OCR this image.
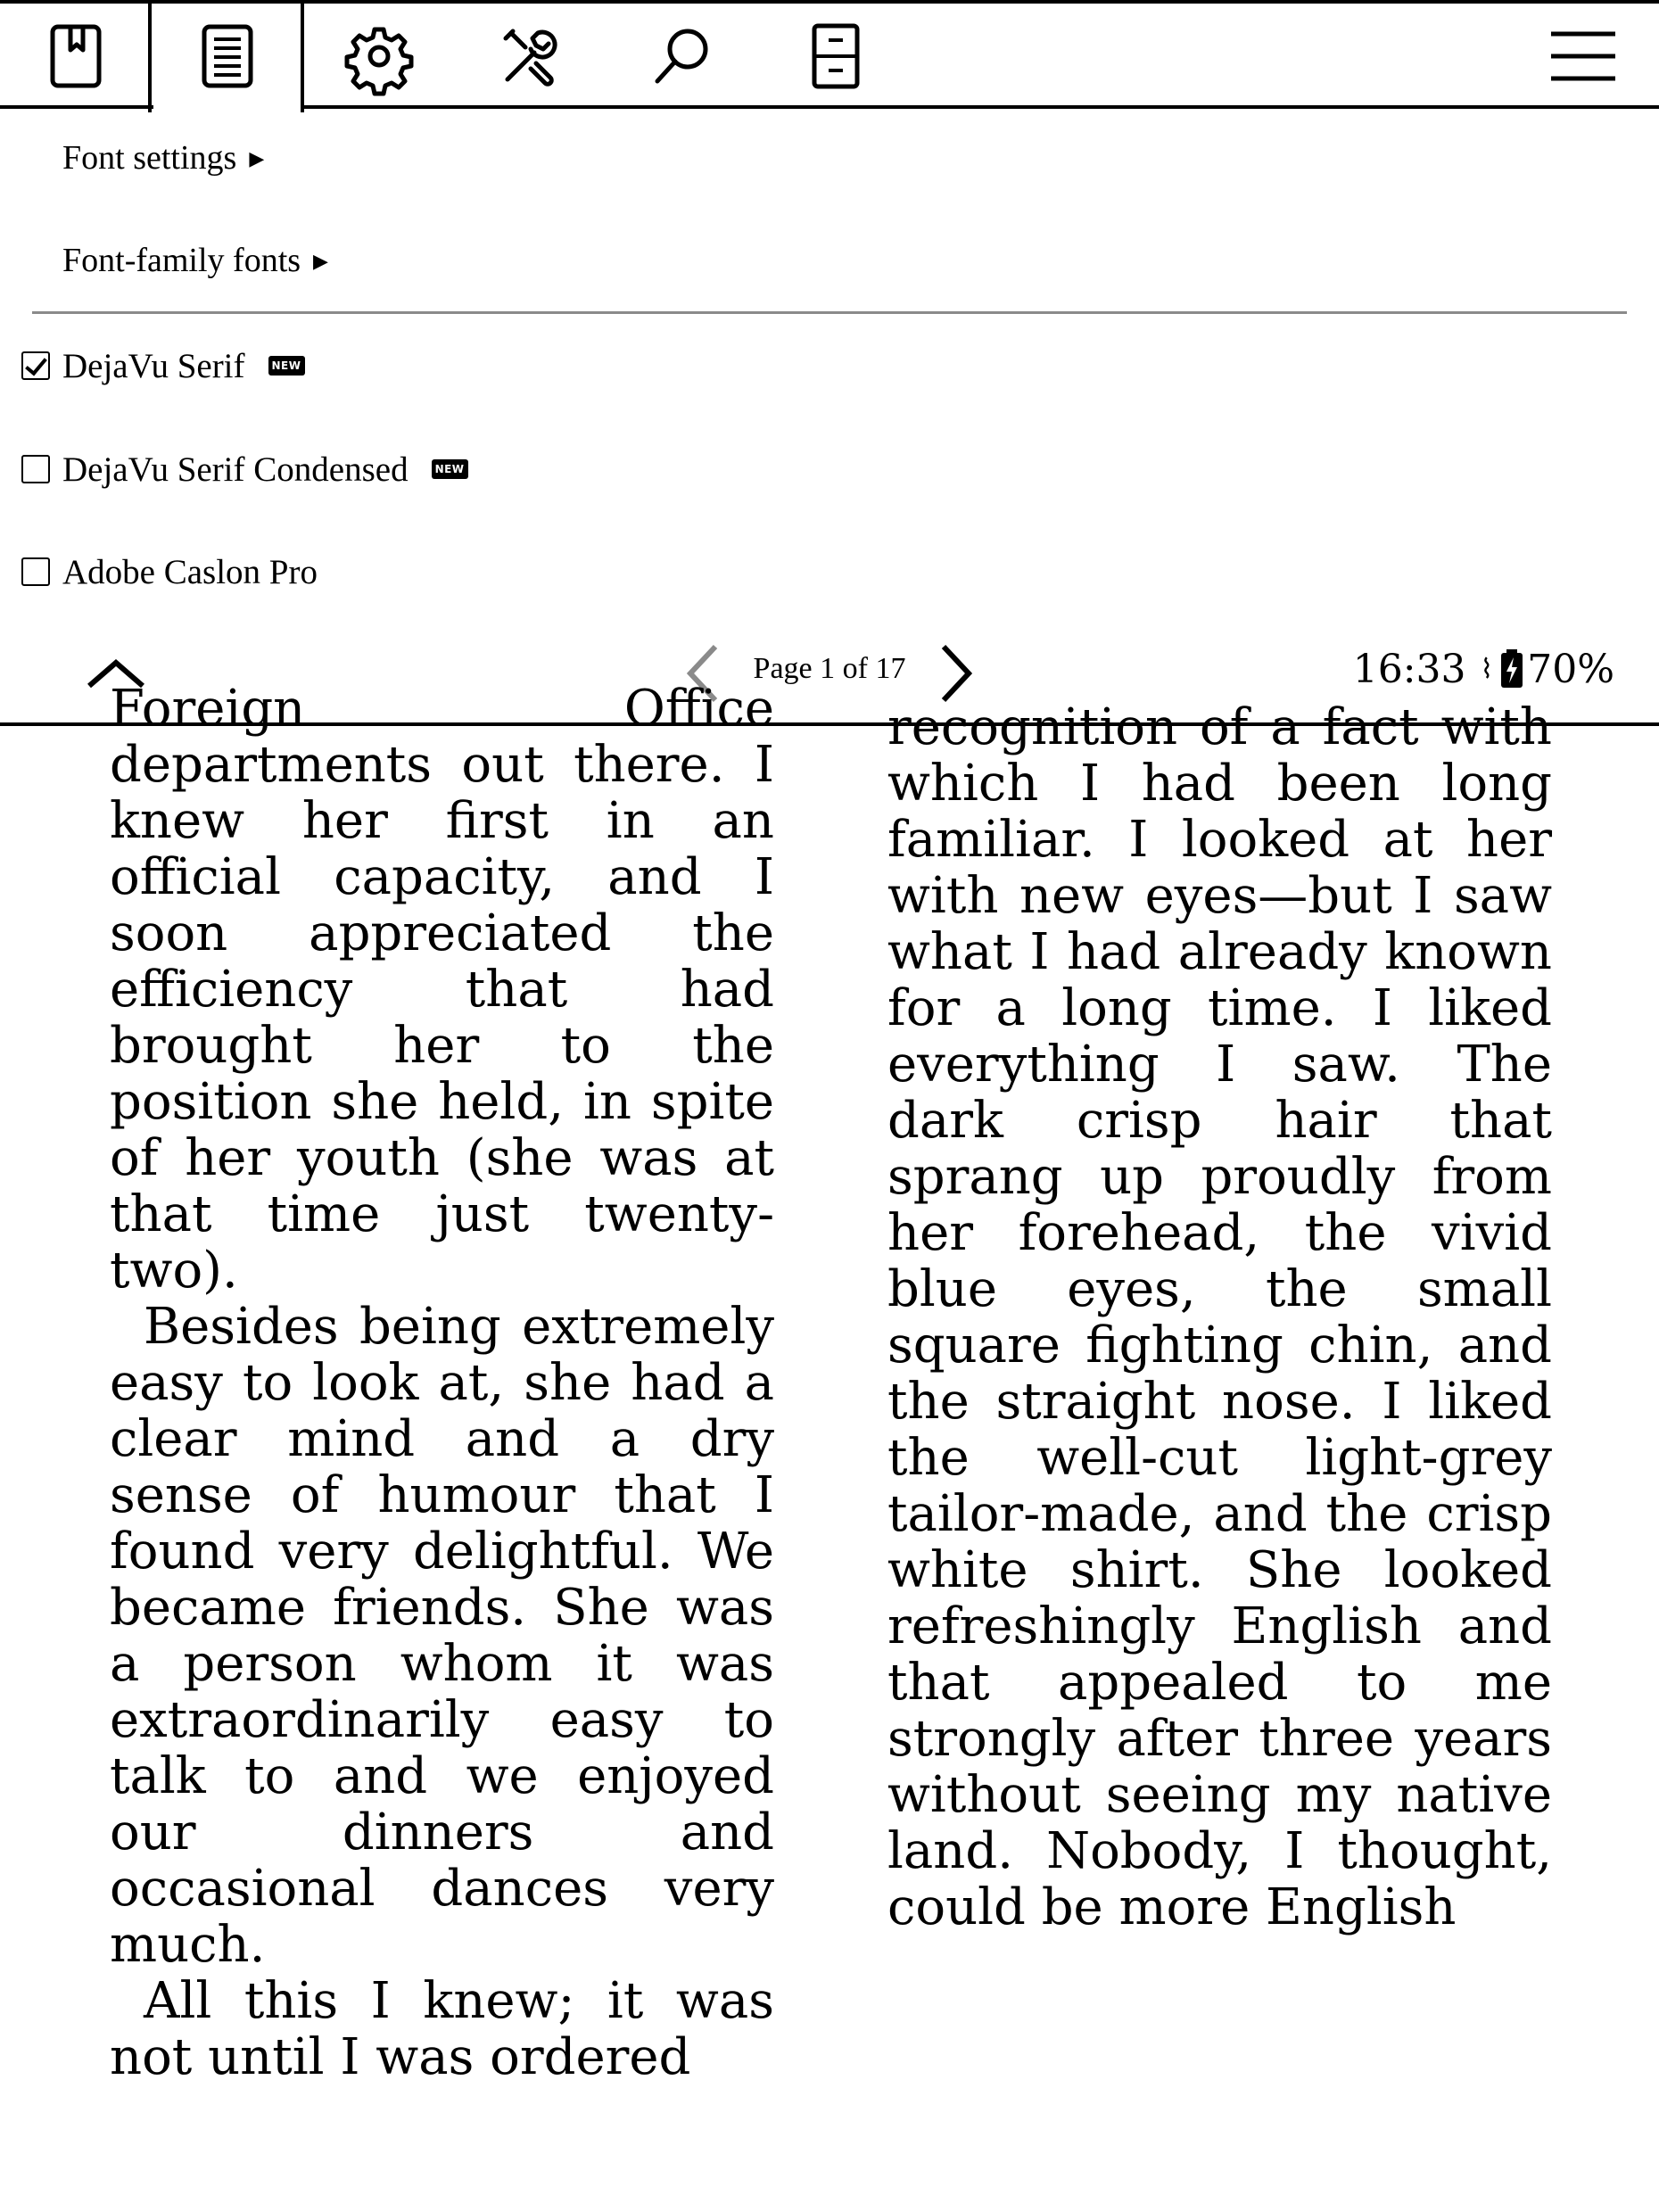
Font settings ▶
Font-family fonts ▶
DejaVu Serif	NEW
DejaVu Serif Condensed	NEW
Adobe Caslon Pro
Page 1 of 17	16:33 ⌇ 70%

Foreign Office departments out there. I knew her first in an official capacity, and I soon appreciated the efficiency that had brought her to the position she held, in spite of her youth (she was at that time just twenty-two).

Besides being extremely easy to look at, she had a clear mind and a dry sense of humour that I found very delightful. We became friends. She was a person whom it was extraordinarily easy to talk to and we enjoyed our dinners and occasional dances very much.

All this I knew; it was not until I was ordered

recognition of a fact with which I had been long familiar. I looked at her with new eyes—but I saw what I had already known for a long time. I liked everything I saw. The dark crisp hair that sprang up proudly from her forehead, the vivid blue eyes, the small square fighting chin, and the straight nose. I liked the well-cut light-grey tailor-made, and the crisp white shirt. She looked refreshingly English and that appealed to me strongly after three years without seeing my native land. Nobody, I thought, could be more English
